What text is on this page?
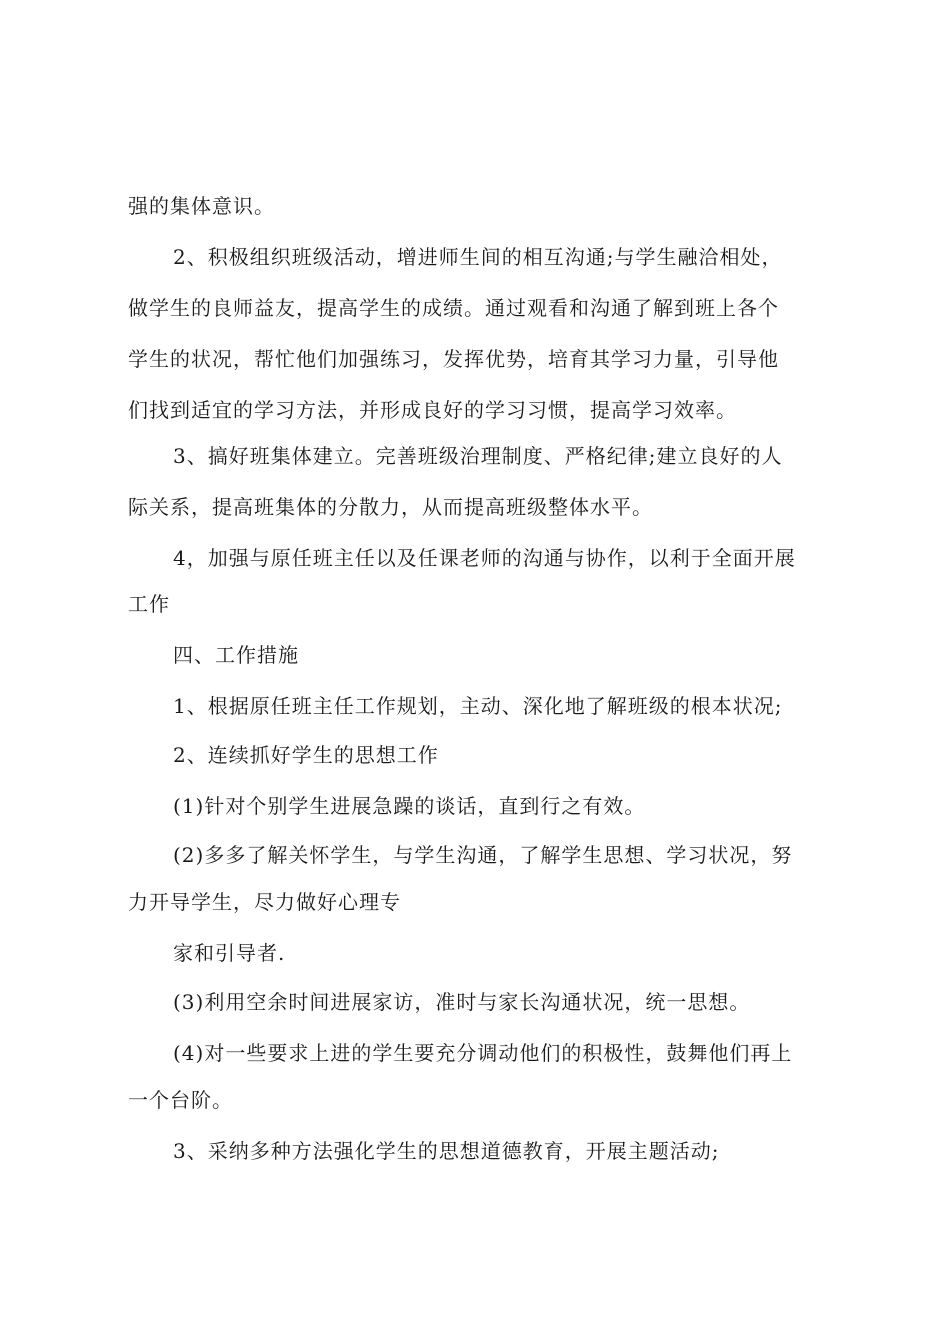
强的集体意识。
2、积极组织班级活动，增进师生间的相互沟通;与学生融洽相处，
做学生的良师益友，提高学生的成绩。通过观看和沟通了解到班上各个
学生的状况，帮忙他们加强练习，发挥优势，培育其学习力量，引导他
们找到适宜的学习方法，并形成良好的学习习惯，提高学习效率。
3、搞好班集体建立。完善班级治理制度、严格纪律;建立良好的人
际关系，提高班集体的分散力，从而提高班级整体水平。
4，加强与原任班主任以及任课老师的沟通与协作，以利于全面开展
工作
四、工作措施
1、根据原任班主任工作规划，主动、深化地了解班级的根本状况;
2、连续抓好学生的思想工作
(1)针对个别学生进展急躁的谈话，直到行之有效。
(2)多多了解关怀学生，与学生沟通，了解学生思想、学习状况，努
力开导学生，尽力做好心理专
家和引导者.
(3)利用空余时间进展家访，准时与家长沟通状况，统一思想。
(4)对一些要求上进的学生要充分调动他们的积极性，鼓舞他们再上
一个台阶。
3、采纳多种方法强化学生的思想道德教育，开展主题活动;
